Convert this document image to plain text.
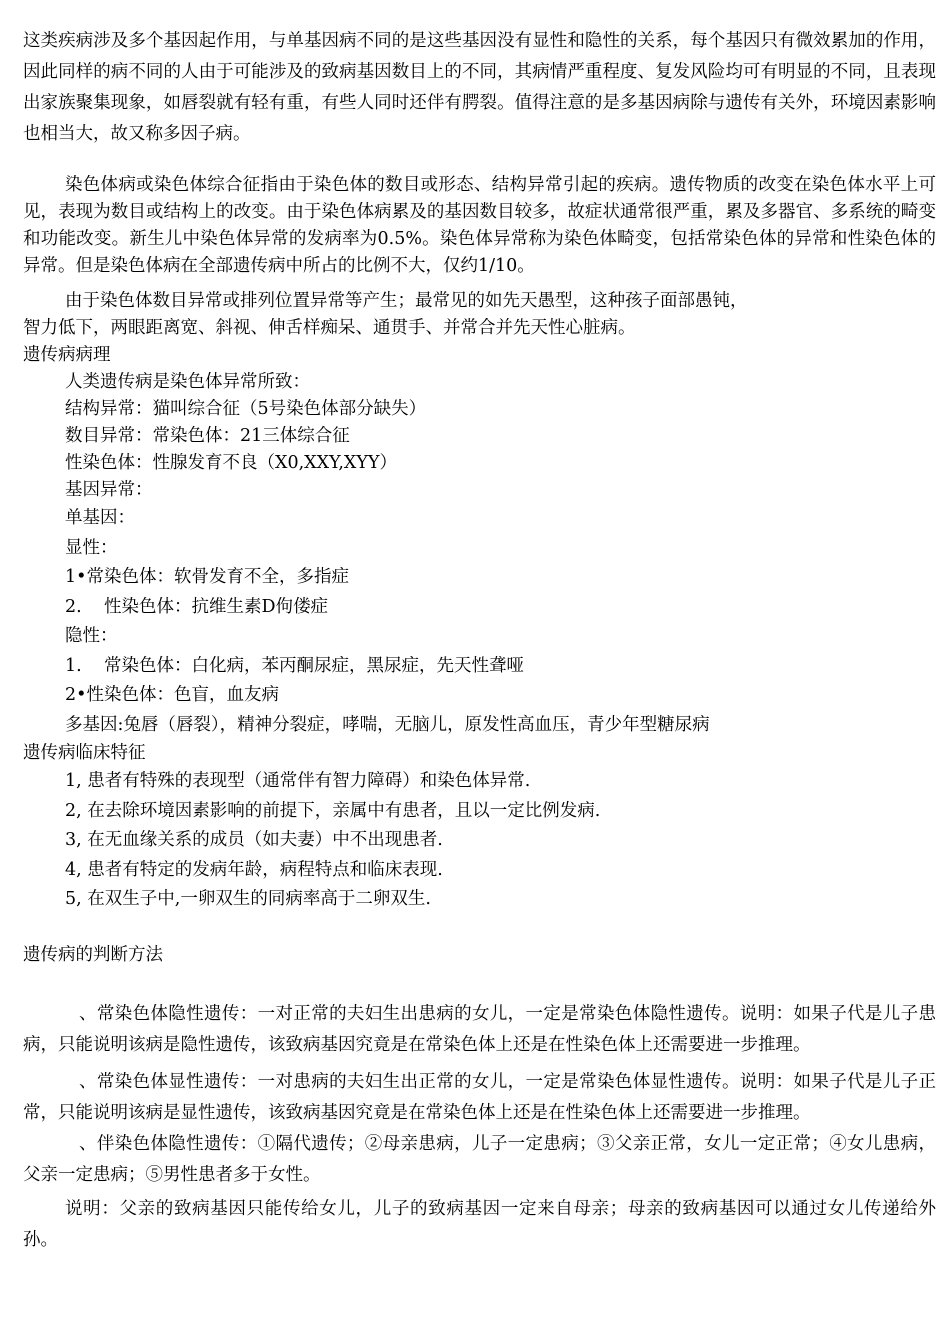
这类疾病涉及多个基因起作用，与单基因病不同的是这些基因没有显性和隐性的关系，每个基因只有微效累加的作用，因此同样的病不同的人由于可能涉及的致病基因数目上的不同，其病情严重程度、复发风险均可有明显的不同，且表现出家族聚集现象，如唇裂就有轻有重，有些人同时还伴有腭裂。值得注意的是多基因病除与遗传有关外，环境因素影响也相当大，故又称多因子病。

染色体病或染色体综合征指由于染色体的数目或形态、结构异常引起的疾病。遗传物质的改变在染色体水平上可见，表现为数目或结构上的改变。由于染色体病累及的基因数目较多，故症状通常很严重，累及多器官、多系统的畸变和功能改变。新生儿中染色体异常的发病率为0.5%。染色体异常称为染色体畸变，包括常染色体的异常和性染色体的异常。但是染色体病在全部遗传病中所占的比例不大，仅约1/10。

由于染色体数目异常或排列位置异常等产生；最常见的如先天愚型，这种孩子面部愚钝，

智力低下，两眼距离宽、斜视、伸舌样痴呆、通贯手、并常合并先天性心脏病。

遗传病病理

人类遗传病是染色体异常所致：
结构异常：猫叫综合征（5号染色体部分缺失）
数目异常：常染色体：21三体综合征
性染色体：性腺发育不良（X0,XXY,XYY）
基因异常：
单基因：
显性：
1•常染色体：软骨发育不全，多指症
2.    性染色体：抗维生素D佝偻症
隐性：
1.    常染色体：白化病，苯丙酮尿症，黑尿症，先天性聋哑
2•性染色体：色盲，血友病
多基因:兔唇（唇裂），精神分裂症，哮喘，无脑儿，原发性高血压，青少年型糖尿病

遗传病临床特征

1, 患者有特殊的表现型（通常伴有智力障碍）和染色体异常.
2, 在去除环境因素影响的前提下，亲属中有患者，且以一定比例发病.
3, 在无血缘关系的成员（如夫妻）中不出现患者.
4, 患者有特定的发病年龄，病程特点和临床表现.
5, 在双生子中,一卵双生的同病率高于二卵双生.

遗传病的判断方法

、常染色体隐性遗传：一对正常的夫妇生出患病的女儿，一定是常染色体隐性遗传。说明：如果子代是儿子患病，只能说明该病是隐性遗传，该致病基因究竟是在常染色体上还是在性染色体上还需要进一步推理。

、常染色体显性遗传：一对患病的夫妇生出正常的女儿，一定是常染色体显性遗传。说明：如果子代是儿子正常，只能说明该病是显性遗传，该致病基因究竟是在常染色体上还是在性染色体上还需要进一步推理。

、伴染色体隐性遗传：①隔代遗传；②母亲患病，儿子一定患病；③父亲正常，女儿一定正常；④女儿患病，父亲一定患病；⑤男性患者多于女性。

说明：父亲的致病基因只能传给女儿，儿子的致病基因一定来自母亲；母亲的致病基因可以通过女儿传递给外孙。
